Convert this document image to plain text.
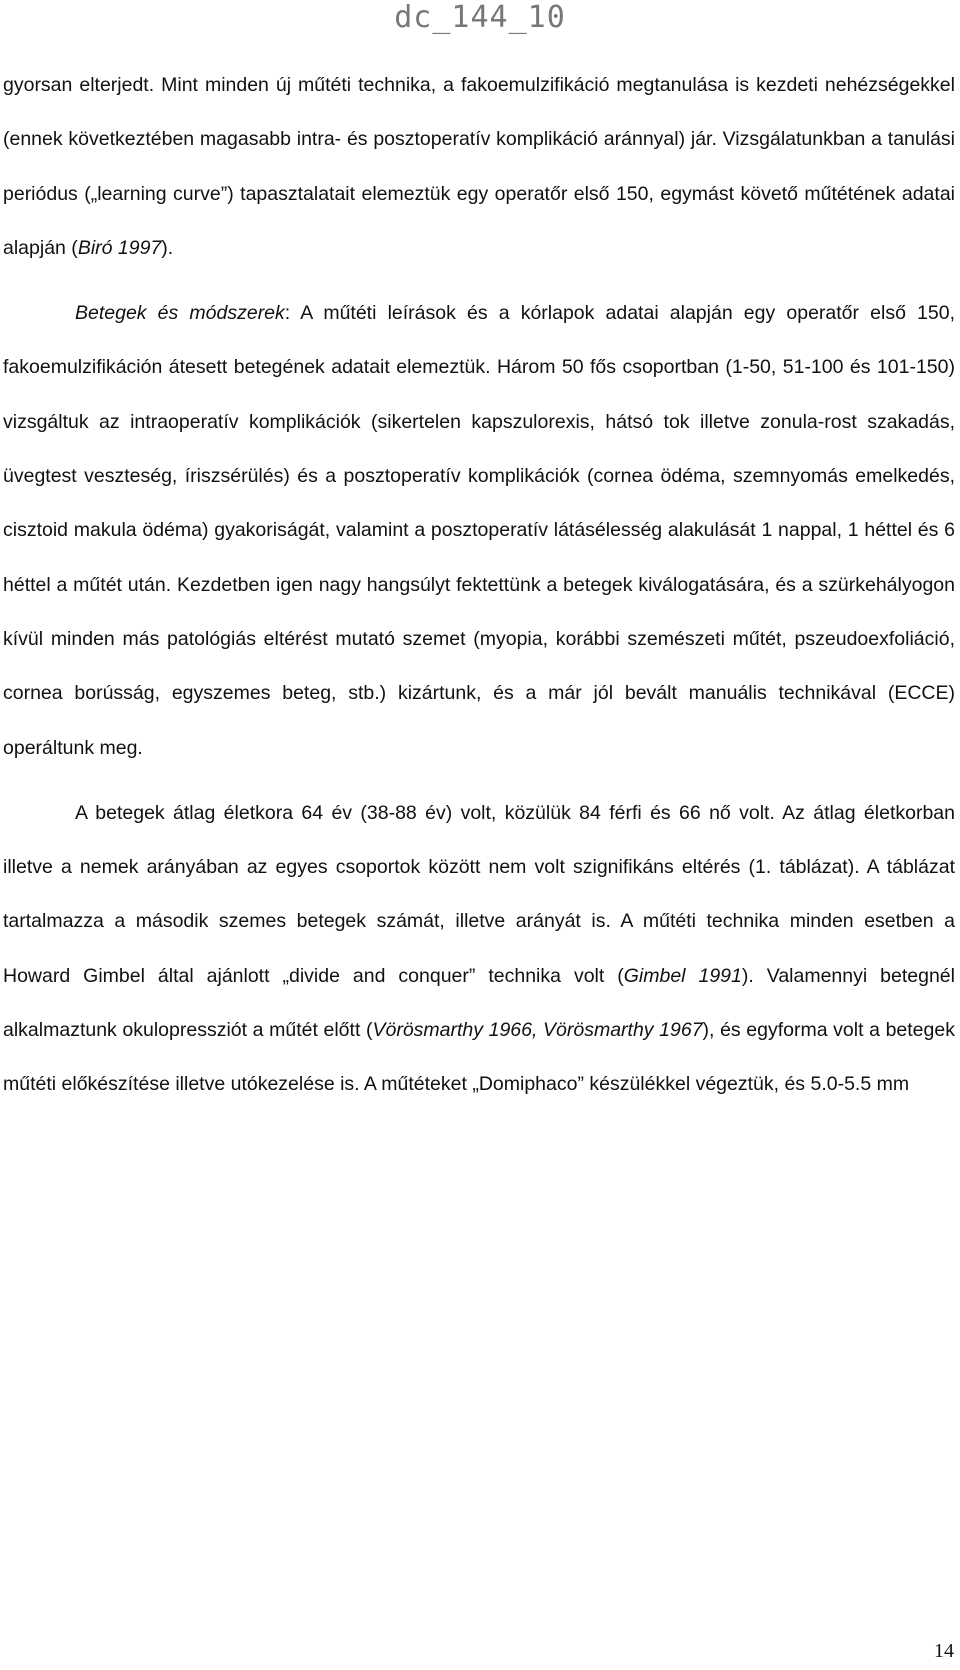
dc_144_10

gyorsan elterjedt. Mint minden új műtéti technika, a fakoemulzifikáció megtanulása is kezdeti nehézségekkel (ennek következtében magasabb intra- és posztoperatív komplikáció aránnyal) jár. Vizsgálatunkban a tanulási periódus („learning curve”) tapasztalatait elemeztük egy operatőr első 150, egymást követő műtétének adatai alapján (Biró 1997).

Betegek és módszerek: A műtéti leírások és a kórlapok adatai alapján egy operatőr első 150, fakoemulzifikáción átesett betegének adatait elemeztük. Három 50 fős csoportban (1-50, 51-100 és 101-150) vizsgáltuk az intraoperatív komplikációk (sikertelen kapszulorexis, hátsó tok illetve zonula-rost szakadás, üvegtest veszteség, íriszsérülés) és a posztoperatív komplikációk (cornea ödéma, szemnyomás emelkedés, cisztoid makula ödéma) gyakoriságát, valamint a posztoperatív látásélesség alakulását 1 nappal, 1 héttel és 6 héttel a műtét után. Kezdetben igen nagy hangsúlyt fektettünk a betegek kiválogatására, és a szürkehályogon kívül minden más patológiás eltérést mutató szemet (myopia, korábbi szemészeti műtét, pszeudoexfoliáció, cornea borússág, egyszemes beteg, stb.) kizártunk, és a már jól bevált manuális technikával (ECCE) operáltunk meg.

A betegek átlag életkora 64 év (38-88 év) volt, közülük 84 férfi és 66 nő volt. Az átlag életkorban illetve a nemek arányában az egyes csoportok között nem volt szignifikáns eltérés (1. táblázat). A táblázat tartalmazza a második szemes betegek számát, illetve arányát is. A műtéti technika minden esetben a Howard Gimbel által ajánlott „divide and conquer” technika volt (Gimbel 1991). Valamennyi betegnél alkalmaztunk okulopressziót a műtét előtt (Vörösmarthy 1966, Vörösmarthy 1967), és egyforma volt a betegek műtéti előkészítése illetve utókezelése is. A műtéteket „Domiphaco” készülékkel végeztük, és 5.0-5.5 mm

14
